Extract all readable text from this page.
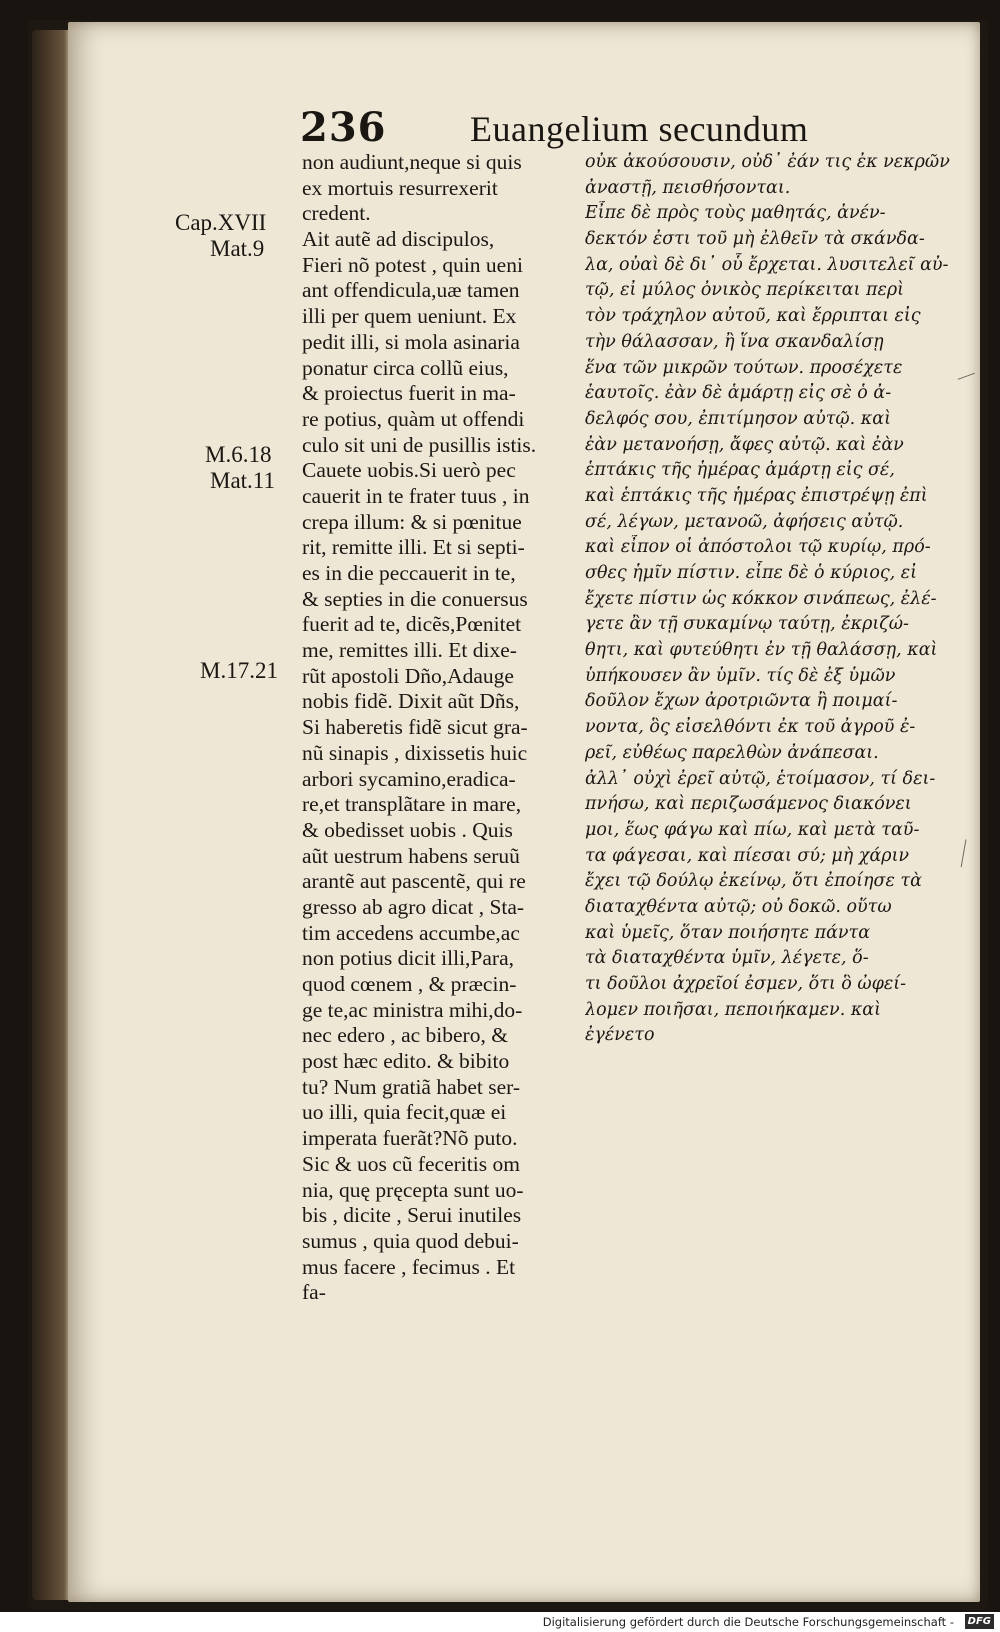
236 Euangelium secundum
Cap.XVII
Mat.9
M.6.18
Mat.11
M.17.21
non audiunt,neque si quis
ex mortuis resurrexerit
credent.
Ait autẽ ad discipulos,
Fieri nõ potest , quin ueni
ant offendicula,uæ tamen
illi per quem ueniunt. Ex
pedit illi, si mola asinaria
ponatur circa collũ eius,
& proiectus fuerit in ma-
re potius, quàm ut offendi
culo sit uni de pusillis istis.
Cauete uobis.Si uerò pec
cauerit in te frater tuus , in
crepa illum: & si pœnitue
rit, remitte illi. Et si septi-
es in die peccauerit in te,
& septies in die conuersus
fuerit ad te, dicẽs,Pœnitet
me, remittes illi. Et dixe-
rũt apostoli Dño,Adauge
nobis fidẽ. Dixit aũt Dñs,
Si haberetis fidẽ sicut gra-
nũ sinapis , dixissetis huic
arbori sycamino,eradica-
re,et transplãtare in mare,
& obedisset uobis . Quis
aũt uestrum habens seruũ
arantẽ aut pascentẽ, qui re
gresso ab agro dicat , Sta-
tim accedens accumbe,ac
non potius dicit illi,Para,
quod cœnem , & præcin-
ge te,ac ministra mihi,do-
nec edero , ac bibero, &
post hæc edito. & bibito
tu? Num gratiã habet ser-
uo illi, quia fecit,quæ ei
imperata fuerãt?Nõ puto.
Sic & uos cũ feceritis om
nia, quę pręcepta sunt uo-
bis , dicite , Serui inutiles
sumus , quia quod debui-
mus facere , fecimus . Et
fa-
οὐκ ἀκούσουσιν, οὐδ᾽ ἐάν τις ἐκ νεκρῶν
ἀναστῇ, πεισθήσονται.
Εἶπε δὲ πρὸς τοὺς μαθητάς, ἀνέν-
δεκτόν ἐστι τοῦ μὴ ἐλθεῖν τὰ σκάνδα-
λα, οὐαὶ δὲ δι᾽ οὗ ἔρχεται. λυσιτελεῖ αὐ-
τῷ, εἰ μύλος ὀνικὸς περίκειται περὶ
τὸν τράχηλον αὐτοῦ, καὶ ἔρριπται εἰς
τὴν θάλασσαν, ἢ ἵνα σκανδαλίσῃ
ἕνα τῶν μικρῶν τούτων. προσέχετε
ἑαυτοῖς. ἐὰν δὲ ἁμάρτῃ εἰς σὲ ὁ ἀ-
δελφός σου, ἐπιτίμησον αὐτῷ. καὶ
ἐὰν μετανοήσῃ, ἄφες αὐτῷ. καὶ ἐὰν
ἑπτάκις τῆς ἡμέρας ἁμάρτῃ εἰς σέ,
καὶ ἑπτάκις τῆς ἡμέρας ἐπιστρέψῃ ἐπὶ
σέ, λέγων, μετανοῶ, ἀφήσεις αὐτῷ.
καὶ εἶπον οἱ ἀπόστολοι τῷ κυρίῳ, πρό-
σθες ἡμῖν πίστιν. εἶπε δὲ ὁ κύριος, εἰ
ἔχετε πίστιν ὡς κόκκον σινάπεως, ἐλέ-
γετε ἂν τῇ συκαμίνῳ ταύτῃ, ἐκριζώ-
θητι, καὶ φυτεύθητι ἐν τῇ θαλάσσῃ, καὶ
ὑπήκουσεν ἂν ὑμῖν. τίς δὲ ἐξ ὑμῶν
δοῦλον ἔχων ἀροτριῶντα ἢ ποιμαί-
νοντα, ὃς εἰσελθόντι ἐκ τοῦ ἀγροῦ ἐ-
ρεῖ, εὐθέως παρελθὼν ἀνάπεσαι.
ἀλλ᾽ οὐχὶ ἐρεῖ αὐτῷ, ἑτοίμασον, τί δει-
πνήσω, καὶ περιζωσάμενος διακόνει
μοι, ἕως φάγω καὶ πίω, καὶ μετὰ ταῦ-
τα φάγεσαι, καὶ πίεσαι σύ; μὴ χάριν
ἔχει τῷ δούλῳ ἐκείνῳ, ὅτι ἐποίησε τὰ
διαταχθέντα αὐτῷ; οὐ δοκῶ. οὕτω
καὶ ὑμεῖς, ὅταν ποιήσητε πάντα
τὰ διαταχθέντα ὑμῖν, λέγετε, ὅ-
τι δοῦλοι ἀχρεῖοί ἐσμεν, ὅτι ὃ ὠφεί-
λομεν ποιῆσαι, πεποιήκαμεν. καὶ
ἐγένετο
Digitalisierung gefördert durch die Deutsche Forschungsgemeinschaft -	DFG
